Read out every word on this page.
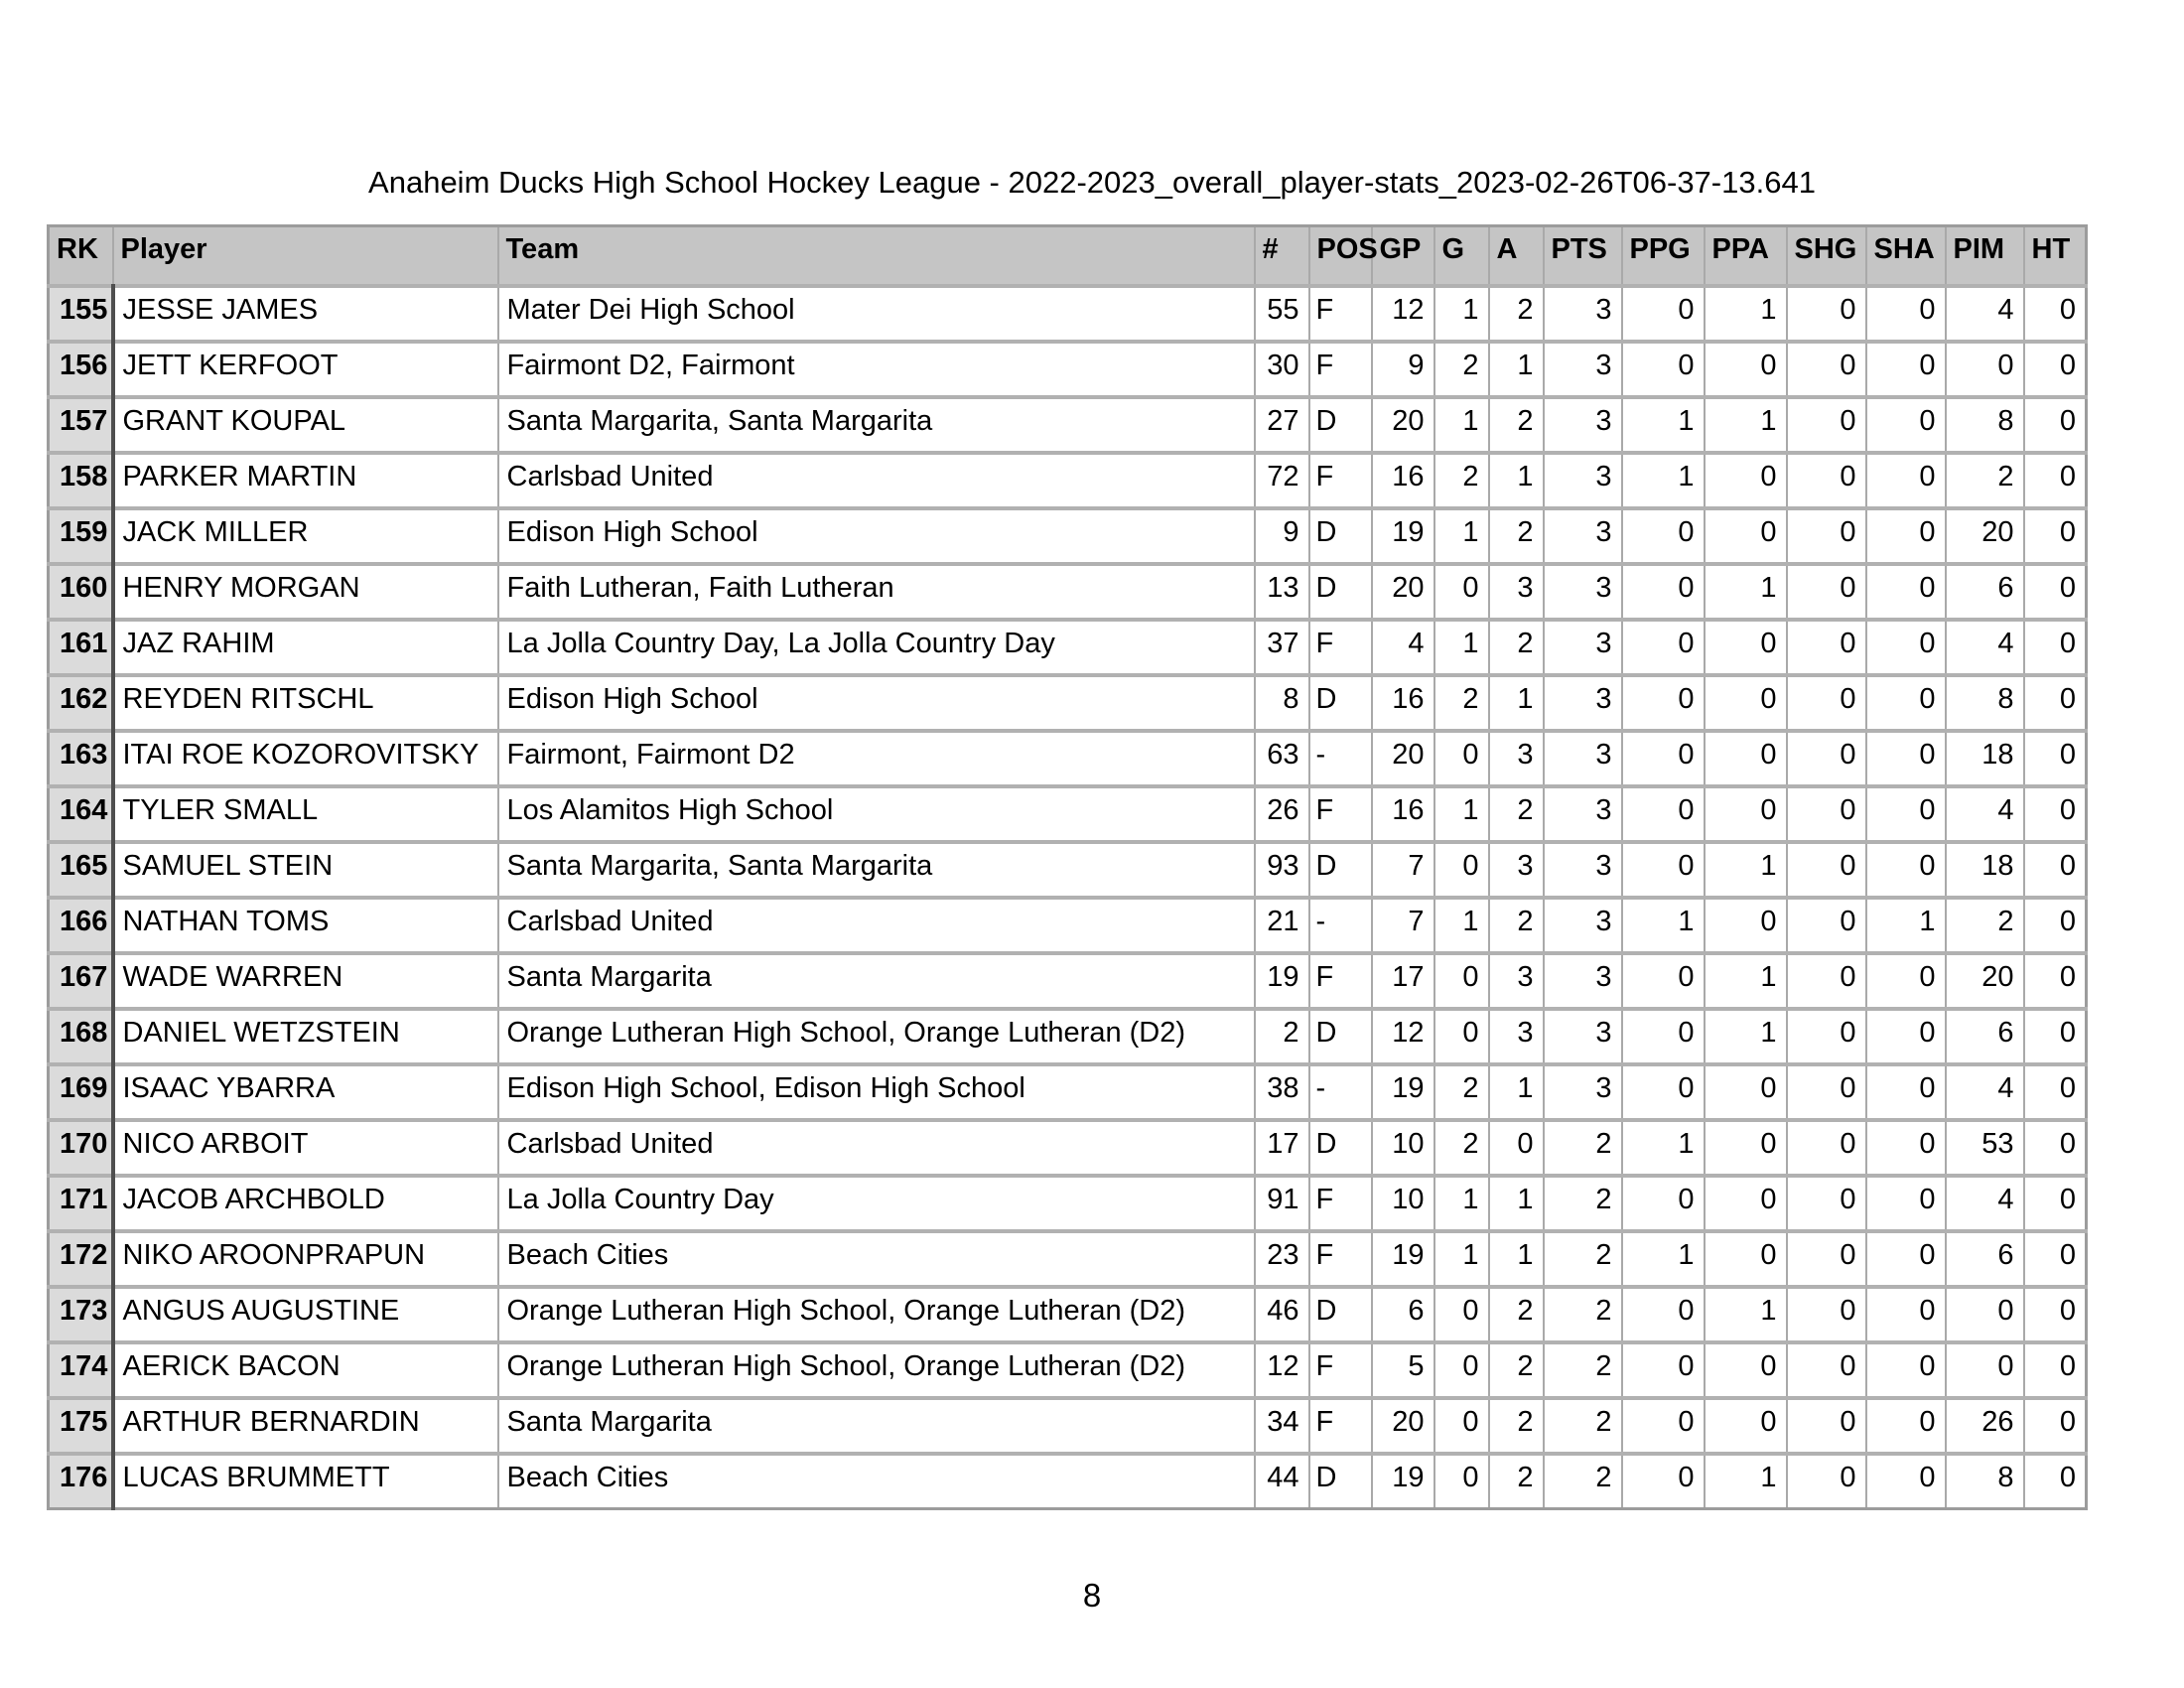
Anaheim Ducks High School Hockey League - 2022-2023_overall_player-stats_2023-02-26T06-37-13.641
RK	Player	Team	#	POS	GP	G	A	PTS	PPG	PPA	SHG	SHA	PIM	HT
155	JESSE JAMES	Mater Dei High School	55	F	12	1	2	3	0	1	0	0	4	0
156	JETT KERFOOT	Fairmont D2, Fairmont	30	F	9	2	1	3	0	0	0	0	0	0
157	GRANT KOUPAL	Santa Margarita, Santa Margarita	27	D	20	1	2	3	1	1	0	0	8	0
158	PARKER MARTIN	Carlsbad United	72	F	16	2	1	3	1	0	0	0	2	0
159	JACK MILLER	Edison High School	9	D	19	1	2	3	0	0	0	0	20	0
160	HENRY MORGAN	Faith Lutheran, Faith Lutheran	13	D	20	0	3	3	0	1	0	0	6	0
161	JAZ RAHIM	La Jolla Country Day, La Jolla Country Day	37	F	4	1	2	3	0	0	0	0	4	0
162	REYDEN RITSCHL	Edison High School	8	D	16	2	1	3	0	0	0	0	8	0
163	ITAI ROE KOZOROVITSKY	Fairmont, Fairmont D2	63	-	20	0	3	3	0	0	0	0	18	0
164	TYLER SMALL	Los Alamitos High School	26	F	16	1	2	3	0	0	0	0	4	0
165	SAMUEL STEIN	Santa Margarita, Santa Margarita	93	D	7	0	3	3	0	1	0	0	18	0
166	NATHAN TOMS	Carlsbad United	21	-	7	1	2	3	1	0	0	1	2	0
167	WADE WARREN	Santa Margarita	19	F	17	0	3	3	0	1	0	0	20	0
168	DANIEL WETZSTEIN	Orange Lutheran High School, Orange Lutheran (D2)	2	D	12	0	3	3	0	1	0	0	6	0
169	ISAAC YBARRA	Edison High School, Edison High School	38	-	19	2	1	3	0	0	0	0	4	0
170	NICO ARBOIT	Carlsbad United	17	D	10	2	0	2	1	0	0	0	53	0
171	JACOB ARCHBOLD	La Jolla Country Day	91	F	10	1	1	2	0	0	0	0	4	0
172	NIKO AROONPRAPUN	Beach Cities	23	F	19	1	1	2	1	0	0	0	6	0
173	ANGUS AUGUSTINE	Orange Lutheran High School, Orange Lutheran (D2)	46	D	6	0	2	2	0	1	0	0	0	0
174	AERICK BACON	Orange Lutheran High School, Orange Lutheran (D2)	12	F	5	0	2	2	0	0	0	0	0	0
175	ARTHUR BERNARDIN	Santa Margarita	34	F	20	0	2	2	0	0	0	0	26	0
176	LUCAS BRUMMETT	Beach Cities	44	D	19	0	2	2	0	1	0	0	8	0
8
